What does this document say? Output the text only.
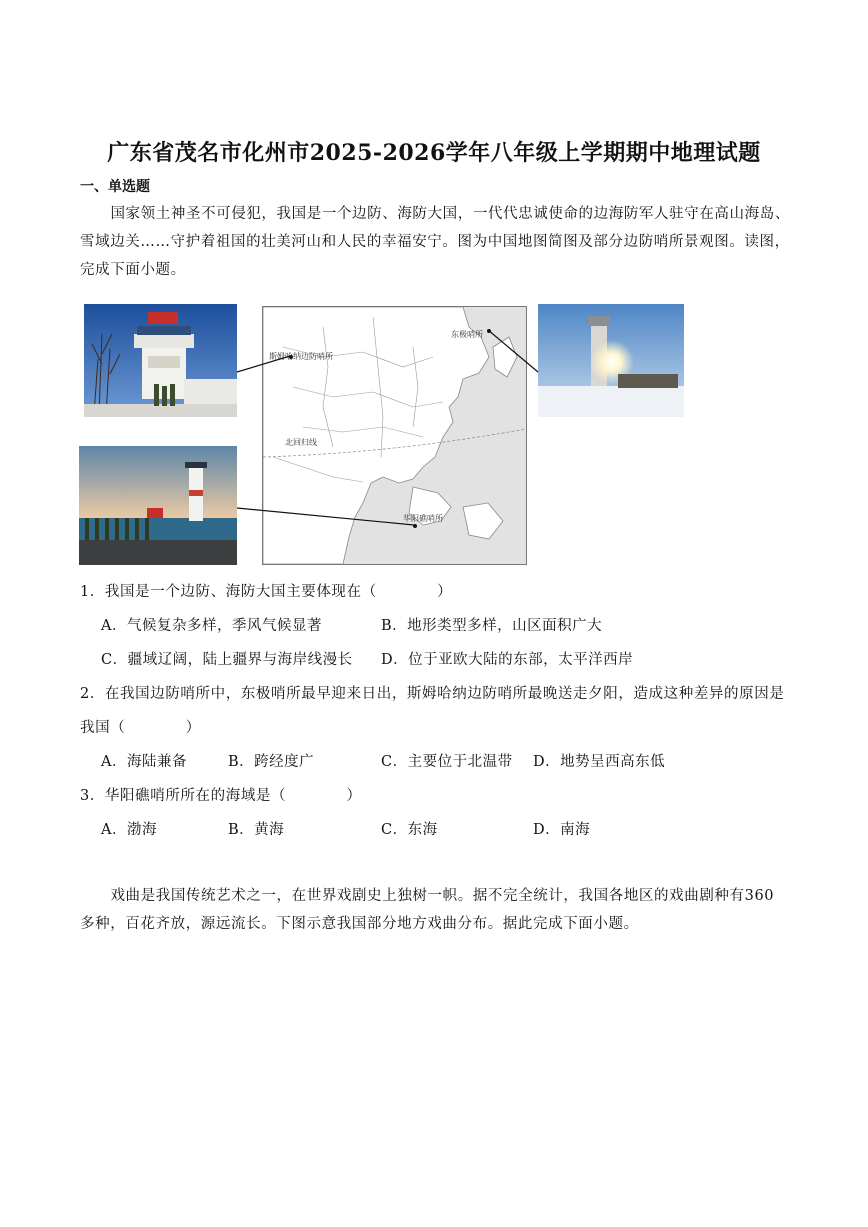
广东省茂名市化州市2025-2026学年八年级上学期期中地理试题
一、单选题
国家领土神圣不可侵犯，我国是一个边防、海防大国，一代代忠诚使命的边海防军人驻守在高山海岛、
雪域边关……守护着祖国的壮美河山和人民的幸福安宁。图为中国地图简图及部分边防哨所景观图。读图，
完成下面小题。
斯姆哈纳边防哨所
东极哨所
华阳礁哨所
北回归线
1．我国是一个边防、海防大国主要体现在（　　　　）
A．气候复杂多样，季风气候显著	B．地形类型多样，山区面积广大
C．疆域辽阔，陆上疆界与海岸线漫长 D．位于亚欧大陆的东部，太平洋西岸
2．在我国边防哨所中，东极哨所最早迎来日出，斯姆哈纳边防哨所最晚送走夕阳，造成这种差异的原因是
我国（　　　　）
A．海陆兼备	B．跨经度广	C．主要位于北温带 D．地势呈西高东低
3．华阳礁哨所所在的海域是（　　　　）
A．渤海	B．黄海	C．东海	D．南海
戏曲是我国传统艺术之一，在世界戏剧史上独树一帜。据不完全统计，我国各地区的戏曲剧种有360
多种，百花齐放，源远流长。下图示意我国部分地方戏曲分布。据此完成下面小题。
